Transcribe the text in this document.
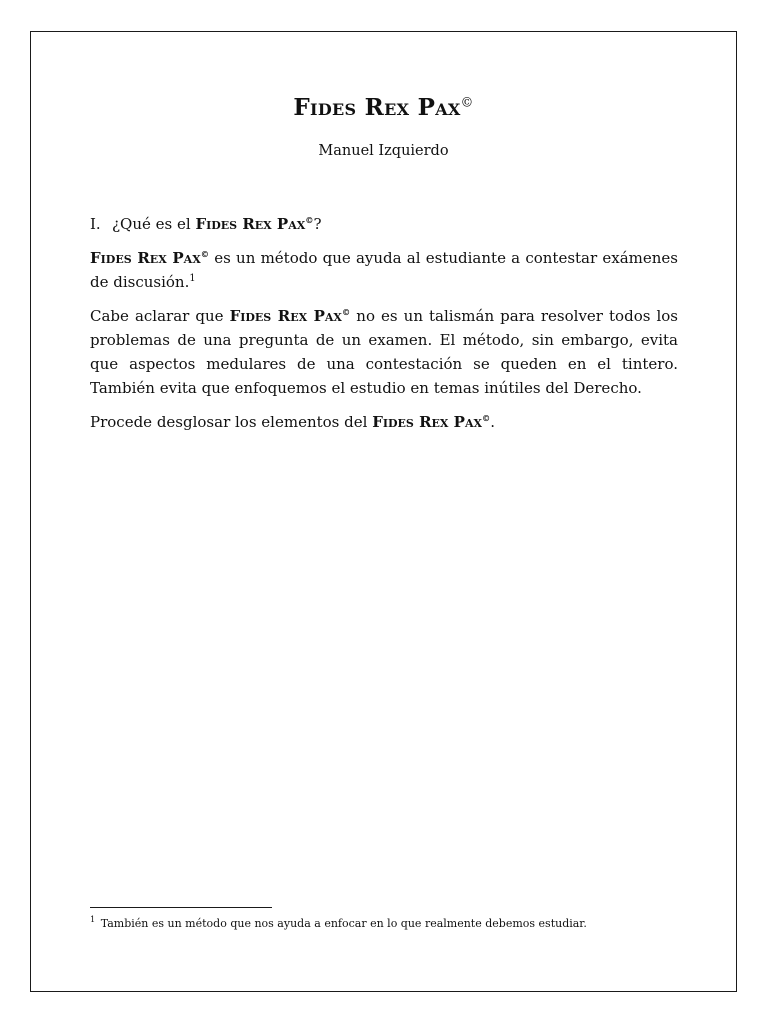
Fides Rex Pax©

Manuel Izquierdo

I. ¿Qué es el Fides Rex Pax©?

Fides Rex Pax© es un método que ayuda al estudiante a contestar exámenes de discusión.$^1$

Cabe aclarar que Fides Rex Pax© no es un talismán para resolver todos los problemas de una pregunta de un examen. El método, sin embargo, evita que aspectos medulares de una contestación se queden en el tintero. También evita que enfoquemos el estudio en temas inútiles del Derecho.

Procede desglosar los elementos del Fides Rex Pax©.

$^1$ También es un método que nos ayuda a enfocar en lo que realmente debemos estudiar.
